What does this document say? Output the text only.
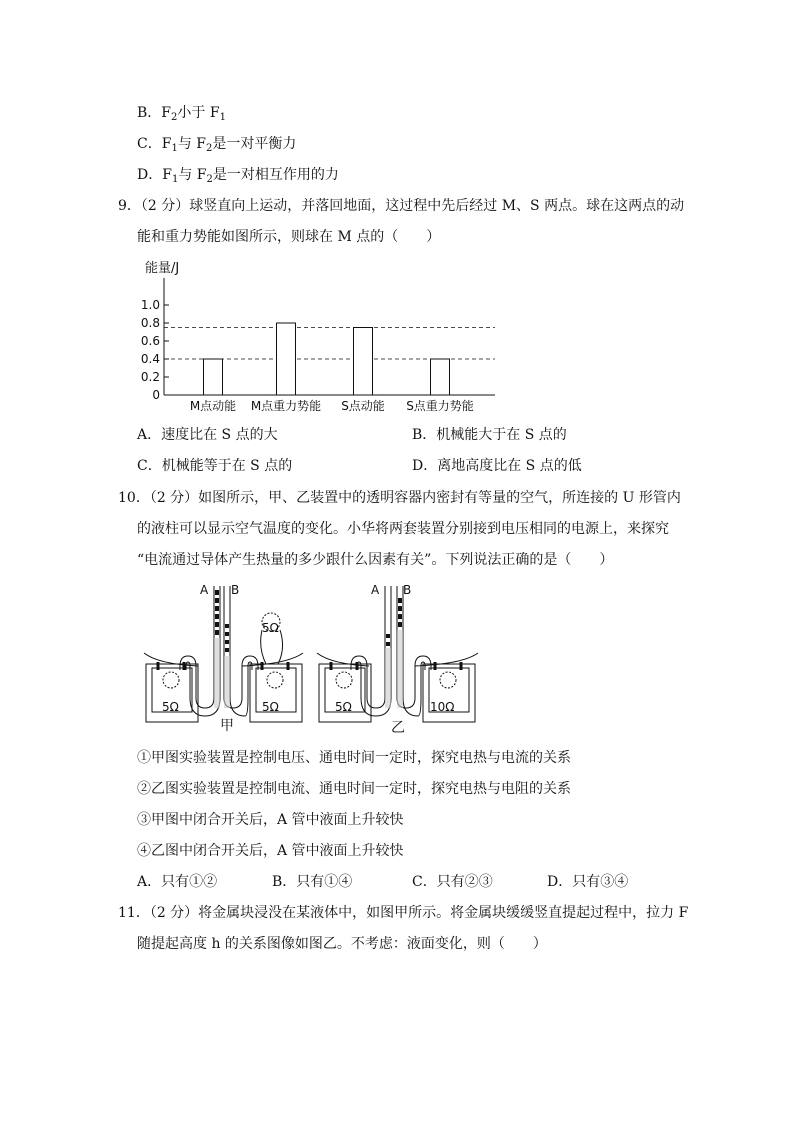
B．$F_2$小于 $F_1$
C．$F_1$与 $F_2$是一对平衡力
D．$F_1$与 $F_2$是一对相互作用的力
9．（2 分）球竖直向上运动，并落回地面，这过程中先后经过 M、S 两点。球在这两点的动
能和重力势能如图所示，则球在 M 点的（　　）
能量/J
0
0.2
0.4
0.6
0.8
1.0
M点动能 M点重力势能 S点动能 S点重力势能
A．速度比在 S 点的大	B．机械能大于在 S 点的
C．机械能等于在 S 点的	D．离地高度比在 S 点的低
10．（2 分）如图所示，甲、乙装置中的透明容器内密封有等量的空气，所连接的 U 形管内
的液柱可以显示空气温度的变化。小华将两套装置分别接到电压相同的电源上，来探究
“电流通过导体产生热量的多少跟什么因素有关”。下列说法正确的是（　　）
A B
5Ω	5Ω
5Ω
甲
A B
5Ω	10Ω
乙
①甲图实验装置是控制电压、通电时间一定时，探究电热与电流的关系
②乙图实验装置是控制电流、通电时间一定时，探究电热与电阻的关系
③甲图中闭合开关后，A 管中液面上升较快
④乙图中闭合开关后，A 管中液面上升较快
A．只有①②	B．只有①④	C．只有②③	D．只有③④
11．（2 分）将金属块浸没在某液体中，如图甲所示。将金属块缓缓竖直提起过程中，拉力 F
随提起高度 h 的关系图像如图乙。不考虑：液面变化，则（　　）
